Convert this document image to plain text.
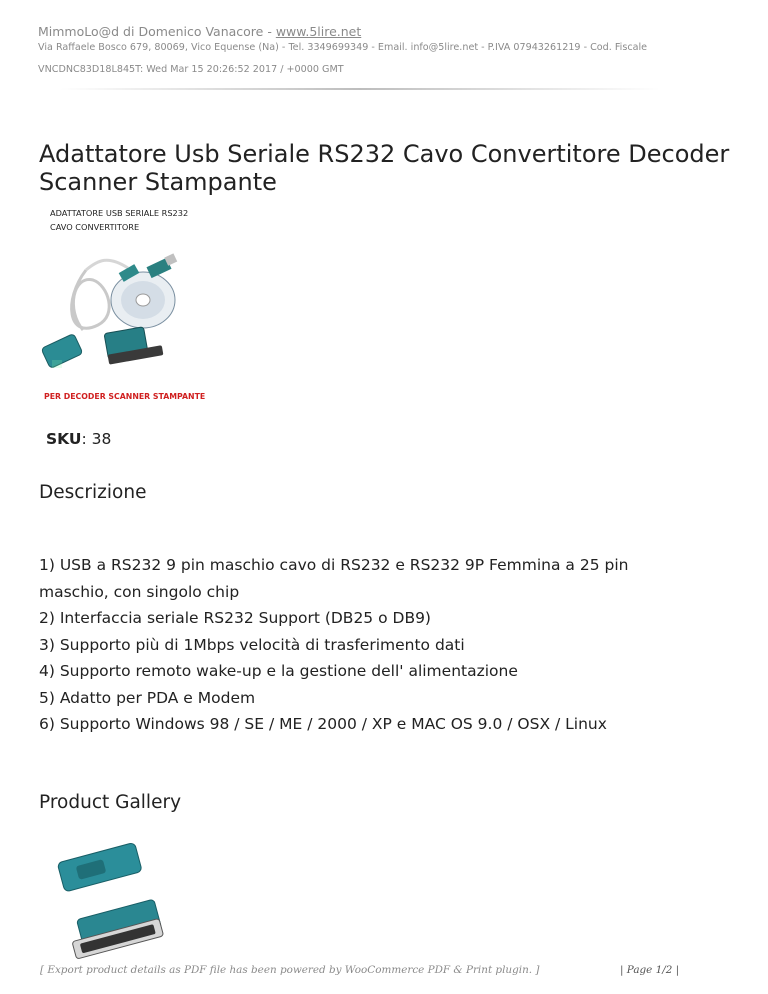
MimmoLo@d di Domenico Vanacore - www.5lire.net
Via Raffaele Bosco 679, 80069, Vico Equense (Na) - Tel. 3349699349 - Email. info@5lire.net - P.IVA 07943261219 - Cod. Fiscale
VNCDNC83D18L845T: Wed Mar 15 20:26:52 2017 / +0000 GMT
Adattatore Usb Seriale RS232 Cavo Convertitore Decoder Scanner Stampante
ADATTATORE USB SERIALE RS232
CAVO CONVERTITORE
PER DECODER SCANNER STAMPANTE
SKU: 38
Descrizione
1) USB a RS232 9 pin maschio cavo di RS232 e RS232 9P Femmina a 25 pin maschio, con singolo chip
2) Interfaccia seriale RS232 Support (DB25 o DB9)
3) Supporto più di 1Mbps velocità di trasferimento dati
4) Supporto remoto wake-up e la gestione dell' alimentazione
5) Adatto per PDA e Modem
6) Supporto Windows 98 / SE / ME / 2000 / XP e MAC OS 9.0 / OSX / Linux
Product Gallery
[ Export product details as PDF file has been powered by WooCommerce PDF & Print plugin. ]	| Page 1/2 |
